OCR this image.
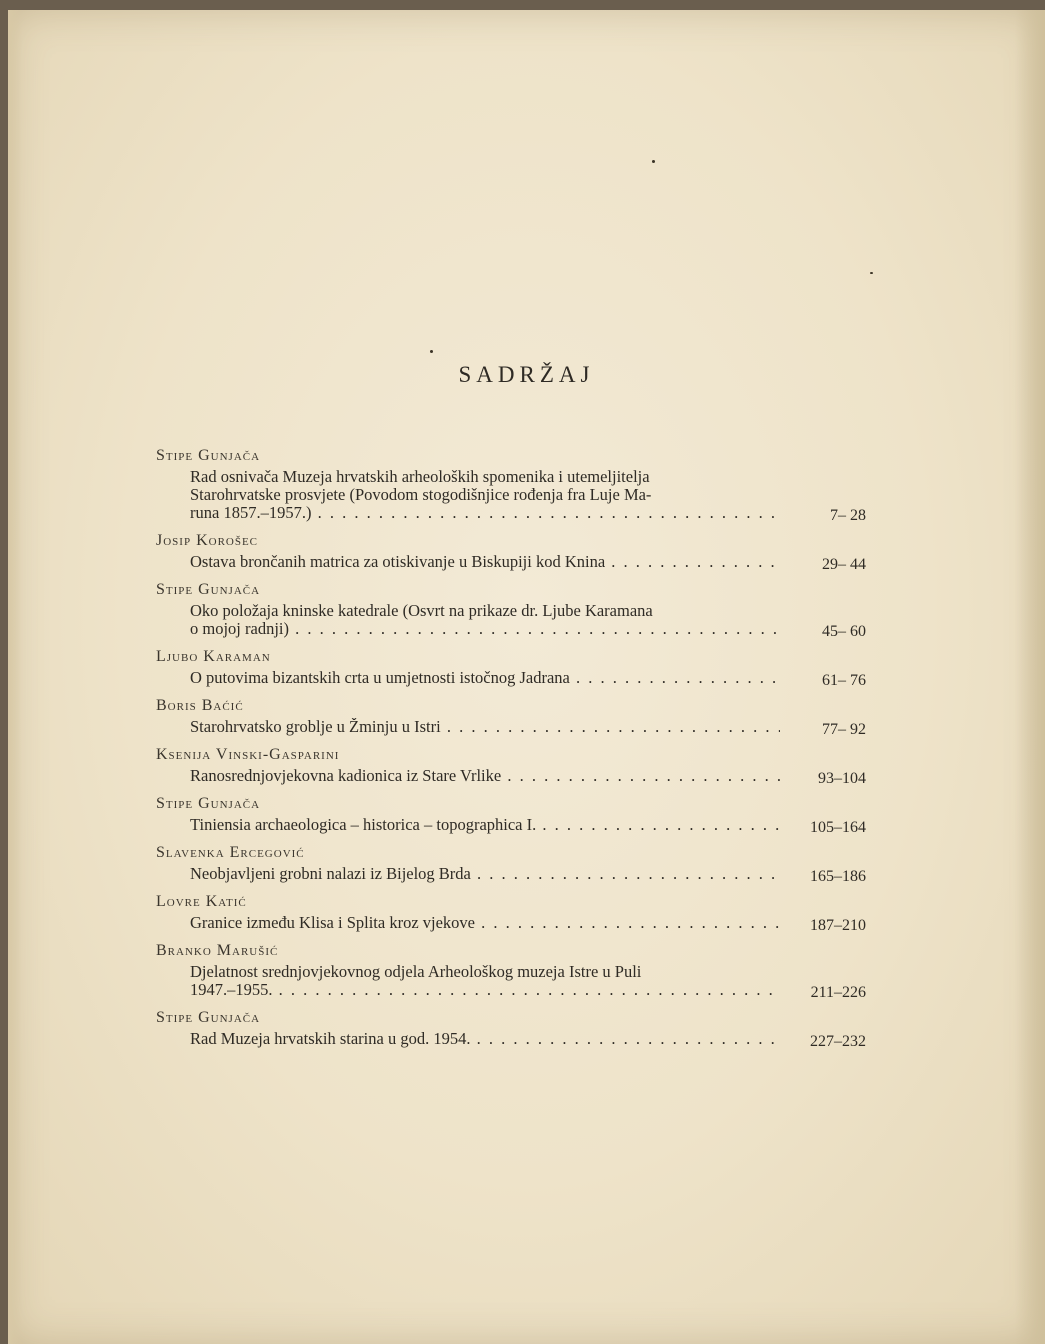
SADRŽAJ
Stipe Gunjača
Rad osnivača Muzeja hrvatskih arheoloških spomenika i utemeljitelja
Starohrvatske prosvjete (Povodom stogodišnjice rođenja fra Luje Ma-
runa 1857.–1957.) . . .	7– 28
Josip Korošec
Ostava brončanih matrica za otiskivanje u Biskupiji kod Knina . . .	29– 44
Stipe Gunjača
Oko položaja kninske katedrale (Osvrt na prikaze dr. Ljube Karamana
o mojoj radnji) . . .	45– 60
Ljubo Karaman
O putovima bizantskih crta u umjetnosti istočnog Jadrana . . .	61– 76
Boris Baćić
Starohrvatsko groblje u Žminju u Istri . . .	77– 92
Ksenija Vinski-Gasparini
Ranosrednjovjekovna kadionica iz Stare Vrlike . . .	93–104
Stipe Gunjača
Tiniensia archaeologica – historica – topographica I. . . .	105–164
Slavenka Ercegović
Neobjavljeni grobni nalazi iz Bijelog Brda . . .	165–186
Lovre Katić
Granice između Klisa i Splita kroz vjekove . . .	187–210
Branko Marušić
Djelatnost srednjovjekovnog odjela Arheološkog muzeja Istre u Puli
1947.–1955. . . .	211–226
Stipe Gunjača
Rad Muzeja hrvatskih starina u god. 1954. . . .	227–232
